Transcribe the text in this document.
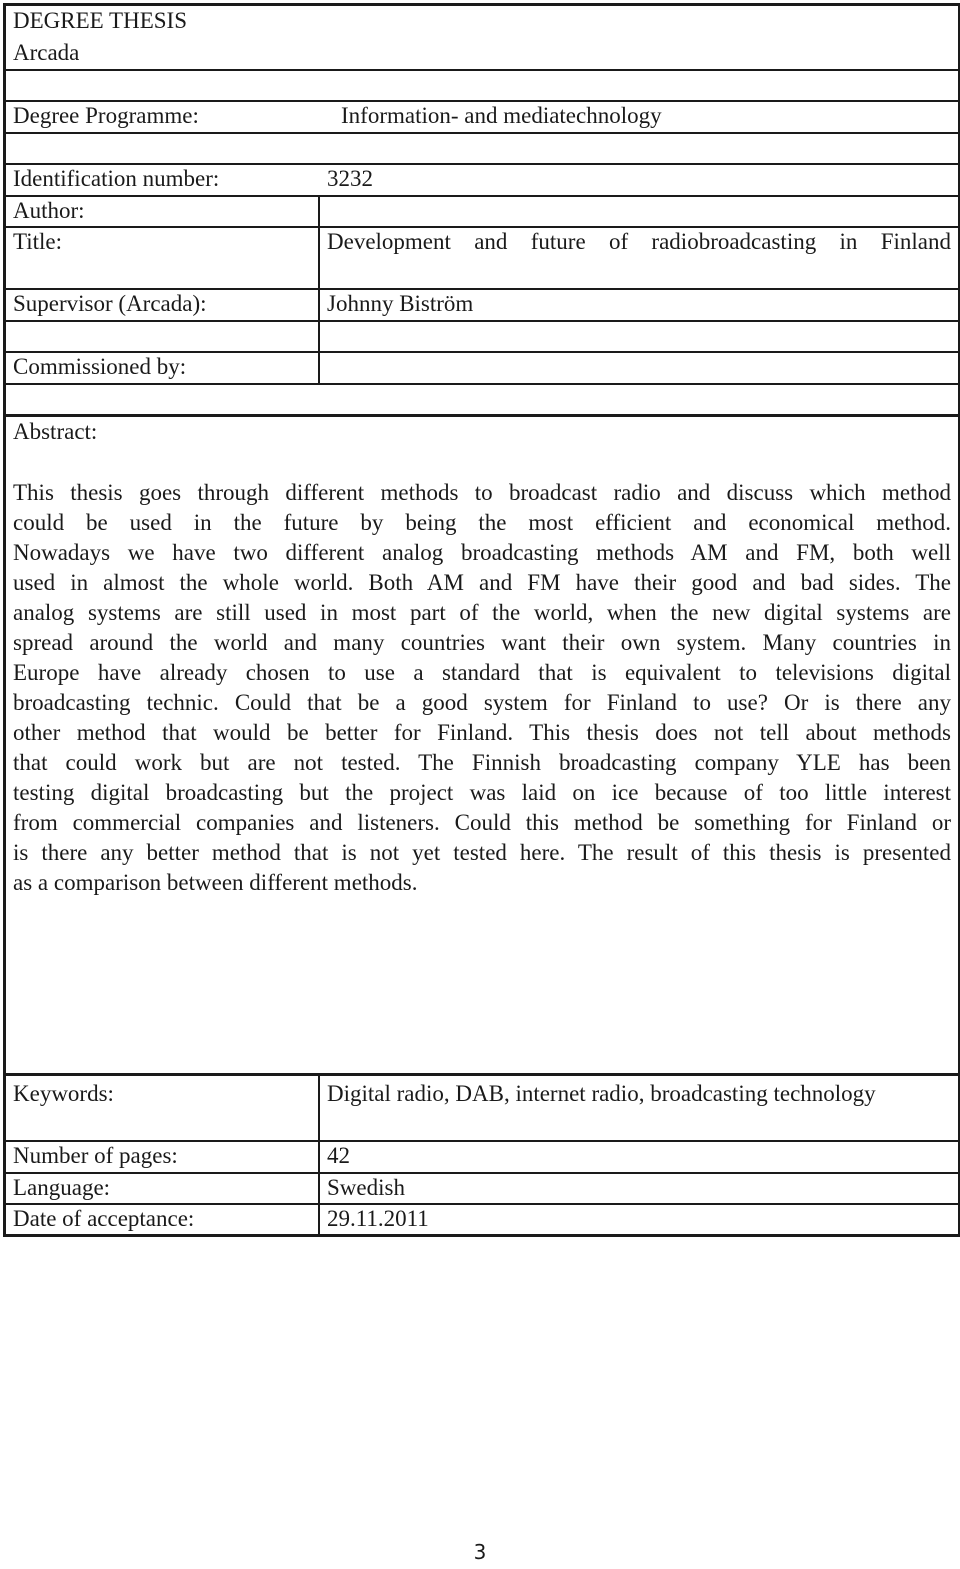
DEGREE THESIS
Arcada
Degree Programme:	Information- and mediatechnology
Identification number:	3232
Author:
Title:	Development and future of radiobroadcasting in Finland
Supervisor (Arcada):	Johnny Biström
Commissioned by:
Abstract:
This thesis goes through different methods to broadcast radio and discuss which method
could be used in the future by being the most efficient and economical method.
Nowadays we have two different analog broadcasting methods AM and FM, both well
used in almost the whole world. Both AM and FM have their good and bad sides. The
analog systems are still used in most part of the world, when the new digital systems are
spread around the world and many countries want their own system. Many countries in
Europe have already chosen to use a standard that is equivalent to televisions digital
broadcasting technic. Could that be a good system for Finland to use? Or is there any
other method that would be better for Finland. This thesis does not tell about methods
that could work but are not tested. The Finnish broadcasting company YLE has been
testing digital broadcasting but the project was laid on ice because of too little interest
from commercial companies and listeners. Could this method be something for Finland or
is there any better method that is not yet tested here. The result of this thesis is presented
as a comparison between different methods.
Keywords:	Digital radio, DAB, internet radio, broadcasting technology
Number of pages:	42
Language:	Swedish
Date of acceptance:	29.11.2011
3
